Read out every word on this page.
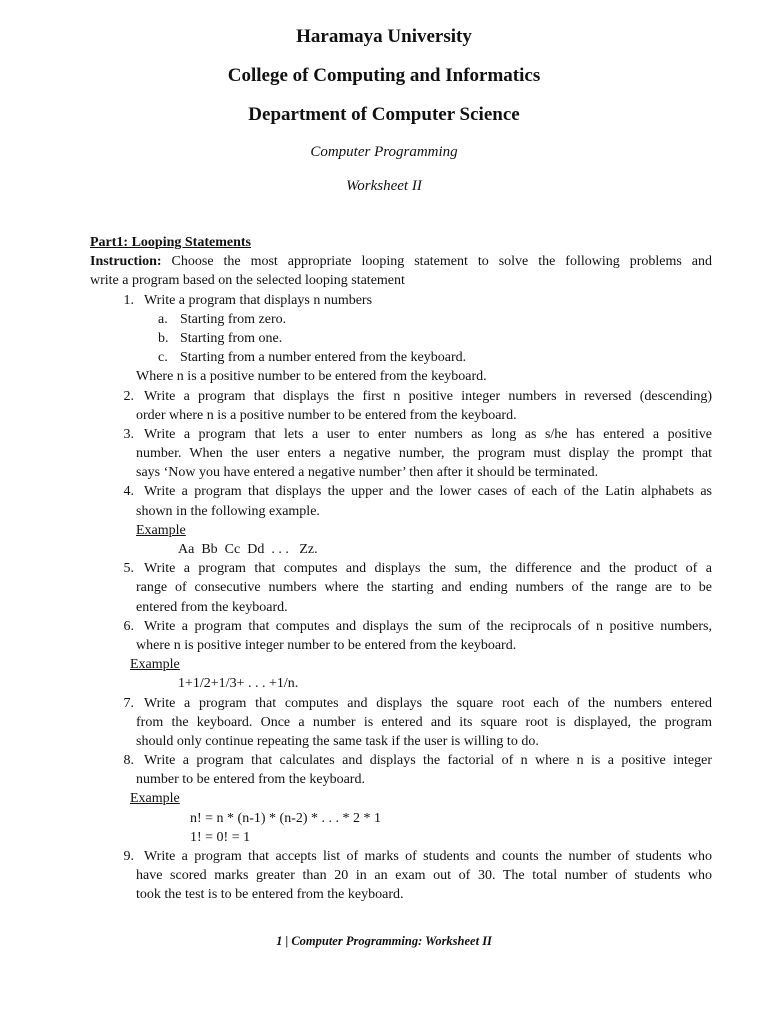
Haramaya University
College of Computing and Informatics
Department of Computer Science
Computer Programming
Worksheet II
Part1: Looping Statements
Instruction: Choose the most appropriate looping statement to solve the following problems and
write a program based on the selected looping statement
1. Write a program that displays n numbers
a. Starting from zero.
b. Starting from one.
c. Starting from a number entered from the keyboard.
Where n is a positive number to be entered from the keyboard.
2. Write a program that displays the first n positive integer numbers in reversed (descending)
order where n is a positive number to be entered from the keyboard.
3. Write a program that lets a user to enter numbers as long as s/he has entered a positive
number. When the user enters a negative number, the program must display the prompt that
says ‘Now you have entered a negative number’ then after it should be terminated.
4. Write a program that displays the upper and the lower cases of each of the Latin alphabets as
shown in the following example.
Example
Aa  Bb  Cc  Dd  . . .   Zz.
5. Write a program that computes and displays the sum, the difference and the product of a
range of consecutive numbers where the starting and ending numbers of the range are to be
entered from the keyboard.
6. Write a program that computes and displays the sum of the reciprocals of n positive numbers,
where n is positive integer number to be entered from the keyboard.
Example
1+1/2+1/3+ . . . +1/n.
7. Write a program that computes and displays the square root each of the numbers entered
from the keyboard. Once a number is entered and its square root is displayed, the program
should only continue repeating the same task if the user is willing to do.
8. Write a program that calculates and displays the factorial of n where n is a positive integer
number to be entered from the keyboard.
Example
n! = n * (n-1) * (n-2) * . . . * 2 * 1
1! = 0! = 1
9. Write a program that accepts list of marks of students and counts the number of students who
have scored marks greater than 20 in an exam out of 30. The total number of students who
took the test is to be entered from the keyboard.
1 | Computer Programming: Worksheet II
